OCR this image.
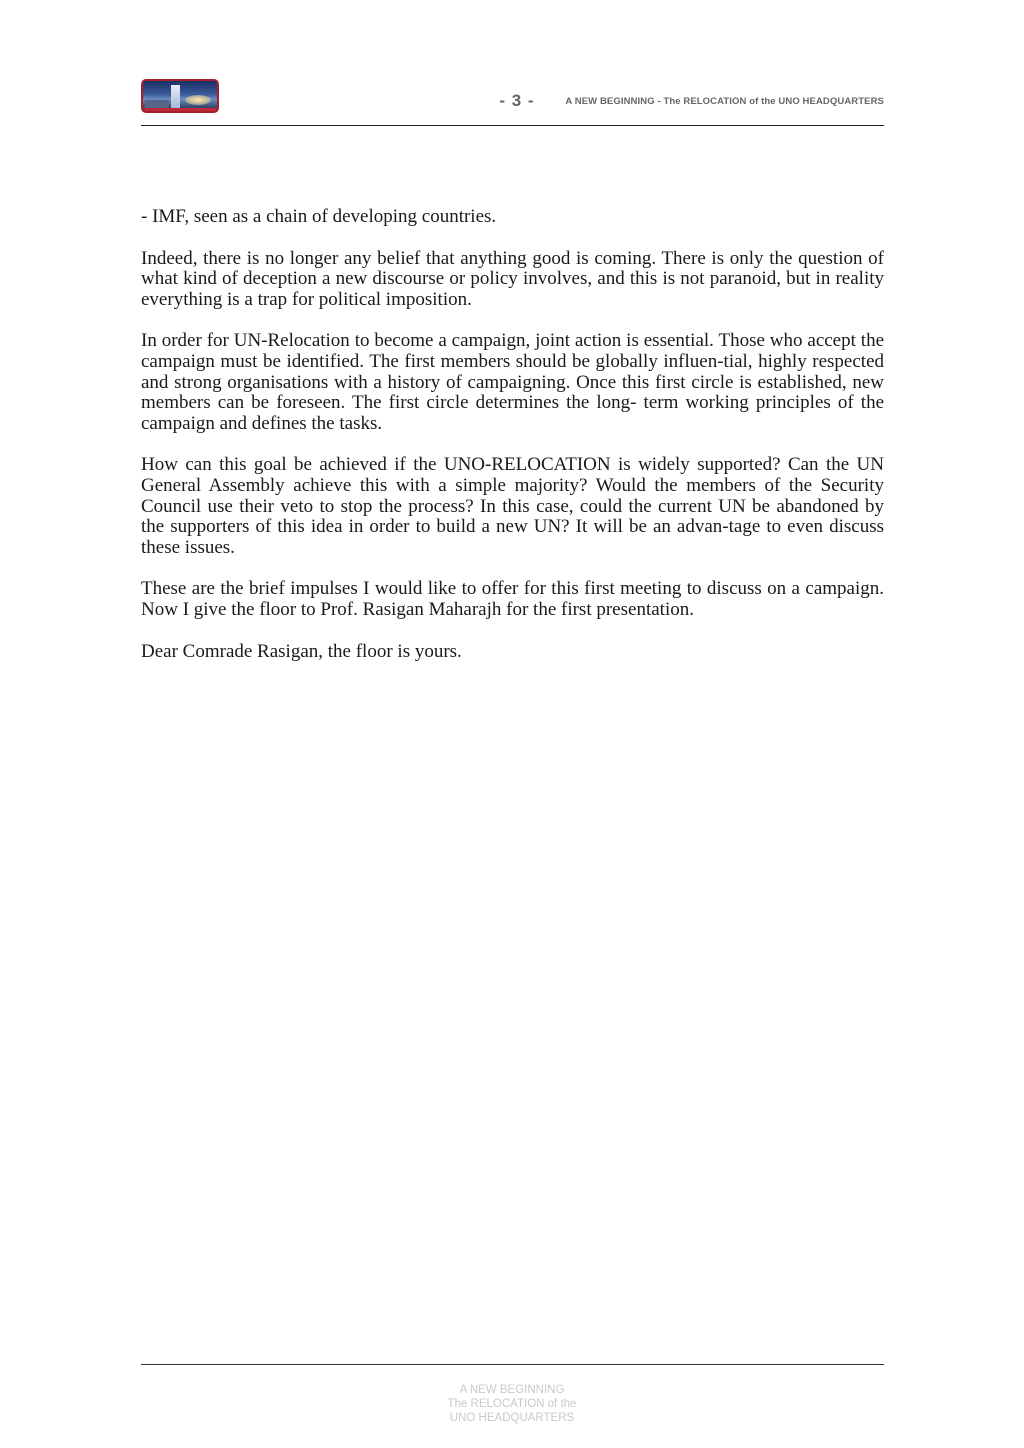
- 3 -	A NEW BEGINNING - The RELOCATION of the UNO HEADQUARTERS

- IMF, seen as a chain of developing countries.

Indeed, there is no longer any belief that anything good is coming. There is only the question of what kind of deception a new discourse or policy involves, and this is not paranoid, but in reality everything is a trap for political imposition.

In order for UN-Relocation to become a campaign, joint action is essential. Those who accept the campaign must be identified. The first members should be globally influen-tial, highly respected and strong organisations with a history of campaigning. Once this first circle is established, new members can be foreseen. The first circle determines the long- term working principles of the campaign and defines the tasks.

How can this goal be achieved if the UNO-RELOCATION is widely supported? Can the UN General Assembly achieve this with a simple majority? Would the members of the Security Council use their veto to stop the process? In this case, could the current UN be abandoned by the supporters of this idea in order to build a new UN? It will be an advan-tage to even discuss these issues.

These are the brief impulses I would like to offer for this first meeting to discuss on a campaign. Now I give the floor to Prof. Rasigan Maharajh for the first presentation.

Dear Comrade Rasigan, the floor is yours.

A NEW BEGINNING
The RELOCATION of the
UNO HEADQUARTERS
